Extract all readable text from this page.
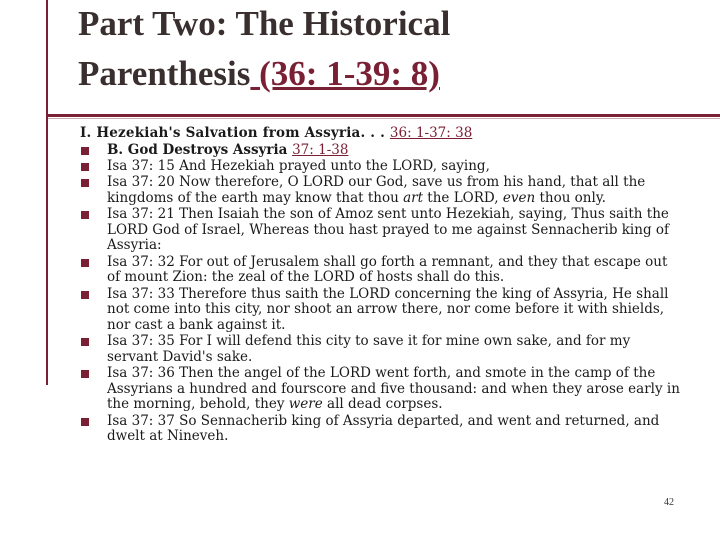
Part Two: The Historical
Parenthesis (36: 1-39: 8)
I. Hezekiah's Salvation from Assyria. . . 36: 1-37: 38
B. God Destroys Assyria 37: 1-38
Isa 37: 15 And Hezekiah prayed unto the LORD, saying,
Isa 37: 20 Now therefore, O LORD our God, save us from his hand, that all the kingdoms of the earth may know that thou art the LORD, even thou only.
Isa 37: 21 Then Isaiah the son of Amoz sent unto Hezekiah, saying, Thus saith the LORD God of Israel, Whereas thou hast prayed to me against Sennacherib king of Assyria:
Isa 37: 32 For out of Jerusalem shall go forth a remnant, and they that escape out of mount Zion: the zeal of the LORD of hosts shall do this.
Isa 37: 33 Therefore thus saith the LORD concerning the king of Assyria, He shall not come into this city, nor shoot an arrow there, nor come before it with shields, nor cast a bank against it.
Isa 37: 35 For I will defend this city to save it for mine own sake, and for my servant David's sake.
Isa 37: 36 Then the angel of the LORD went forth, and smote in the camp of the Assyrians a hundred and fourscore and five thousand: and when they arose early in the morning, behold, they were all dead corpses.
Isa 37: 37 So Sennacherib king of Assyria departed, and went and returned, and dwelt at Nineveh.
42
